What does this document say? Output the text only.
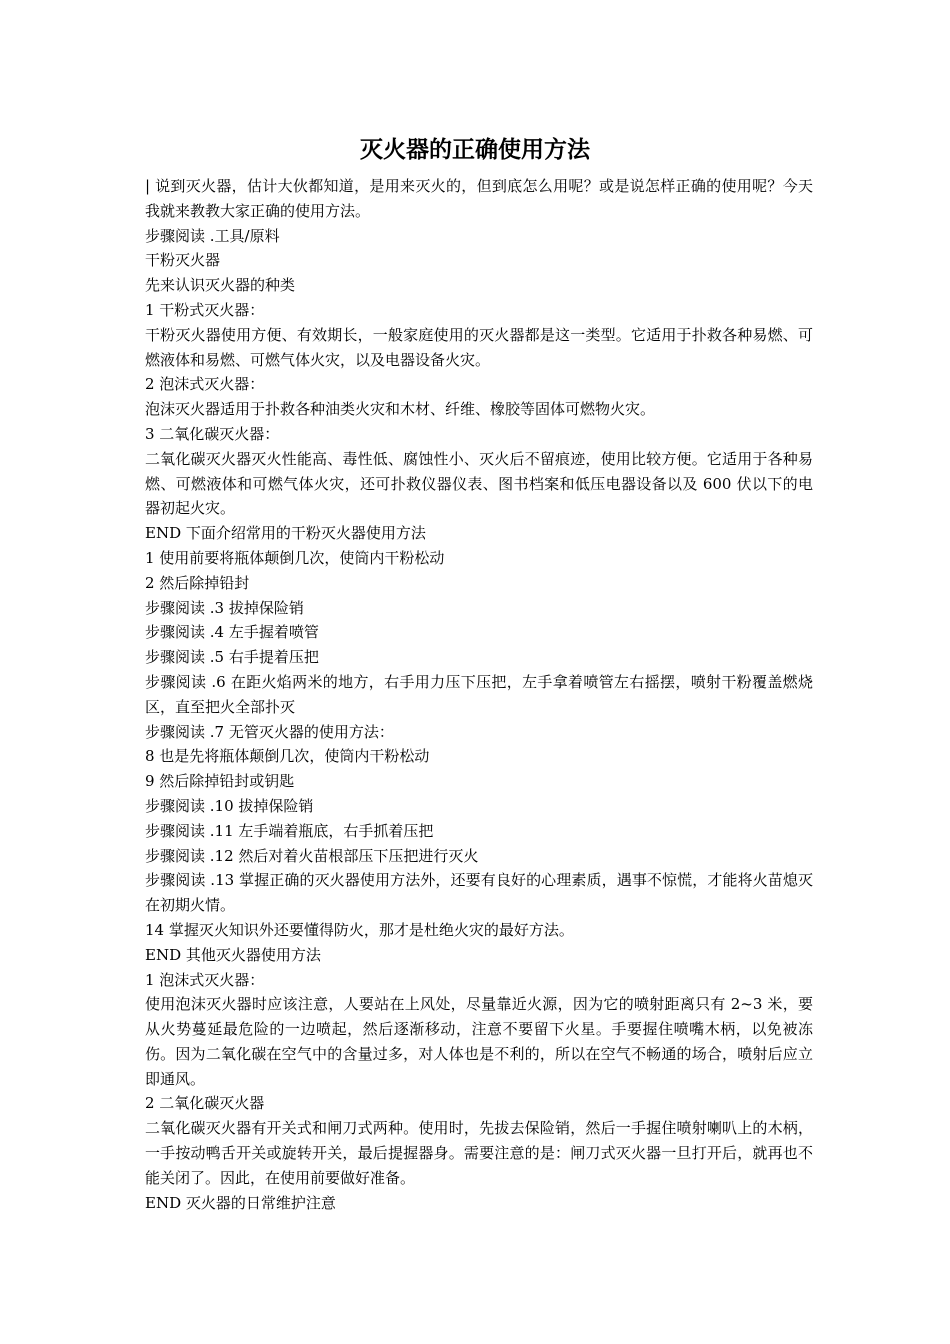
灭火器的正确使用方法

| 说到灭火器，估计大伙都知道，是用来灭火的，但到底怎么用呢？或是说怎样正确的使用呢？今天我就来教教大家正确的使用方法。

步骤阅读 .工具/原料

干粉灭火器

先来认识灭火器的种类

1 干粉式灭火器：

干粉灭火器使用方便、有效期长，一般家庭使用的灭火器都是这一类型。它适用于扑救各种易燃、可燃液体和易燃、可燃气体火灾，以及电器设备火灾。

2 泡沫式灭火器：

泡沫灭火器适用于扑救各种油类火灾和木材、纤维、橡胶等固体可燃物火灾。

3 二氧化碳灭火器：

二氧化碳灭火器灭火性能高、毒性低、腐蚀性小、灭火后不留痕迹，使用比较方便。它适用于各种易燃、可燃液体和可燃气体火灾，还可扑救仪器仪表、图书档案和低压电器设备以及 600 伏以下的电器初起火灾。

END 下面介绍常用的干粉灭火器使用方法

1 使用前要将瓶体颠倒几次，使筒内干粉松动

2 然后除掉铅封

步骤阅读 .3 拔掉保险销

步骤阅读 .4 左手握着喷管

步骤阅读 .5 右手提着压把

步骤阅读 .6 在距火焰两米的地方，右手用力压下压把，左手拿着喷管左右摇摆，喷射干粉覆盖燃烧区，直至把火全部扑灭

步骤阅读 .7 无管灭火器的使用方法：

8 也是先将瓶体颠倒几次，使筒内干粉松动

9 然后除掉铅封或钥匙

步骤阅读 .10 拔掉保险销

步骤阅读 .11 左手端着瓶底，右手抓着压把

步骤阅读 .12 然后对着火苗根部压下压把进行灭火

步骤阅读 .13 掌握正确的灭火器使用方法外，还要有良好的心理素质，遇事不惊慌，才能将火苗熄灭在初期火情。

14 掌握灭火知识外还要懂得防火，那才是杜绝火灾的最好方法。

END 其他灭火器使用方法

1 泡沫式灭火器：

使用泡沫灭火器时应该注意，人要站在上风处，尽量靠近火源，因为它的喷射距离只有 2~3 米，要从火势蔓延最危险的一边喷起，然后逐渐移动，注意不要留下火星。手要握住喷嘴木柄，以免被冻伤。因为二氧化碳在空气中的含量过多，对人体也是不利的，所以在空气不畅通的场合，喷射后应立即通风。

2 二氧化碳灭火器

二氧化碳灭火器有开关式和闸刀式两种。使用时，先拔去保险销，然后一手握住喷射喇叭上的木柄，一手按动鸭舌开关或旋转开关，最后提握器身。需要注意的是：闸刀式灭火器一旦打开后，就再也不能关闭了。因此，在使用前要做好准备。

END 灭火器的日常维护注意
